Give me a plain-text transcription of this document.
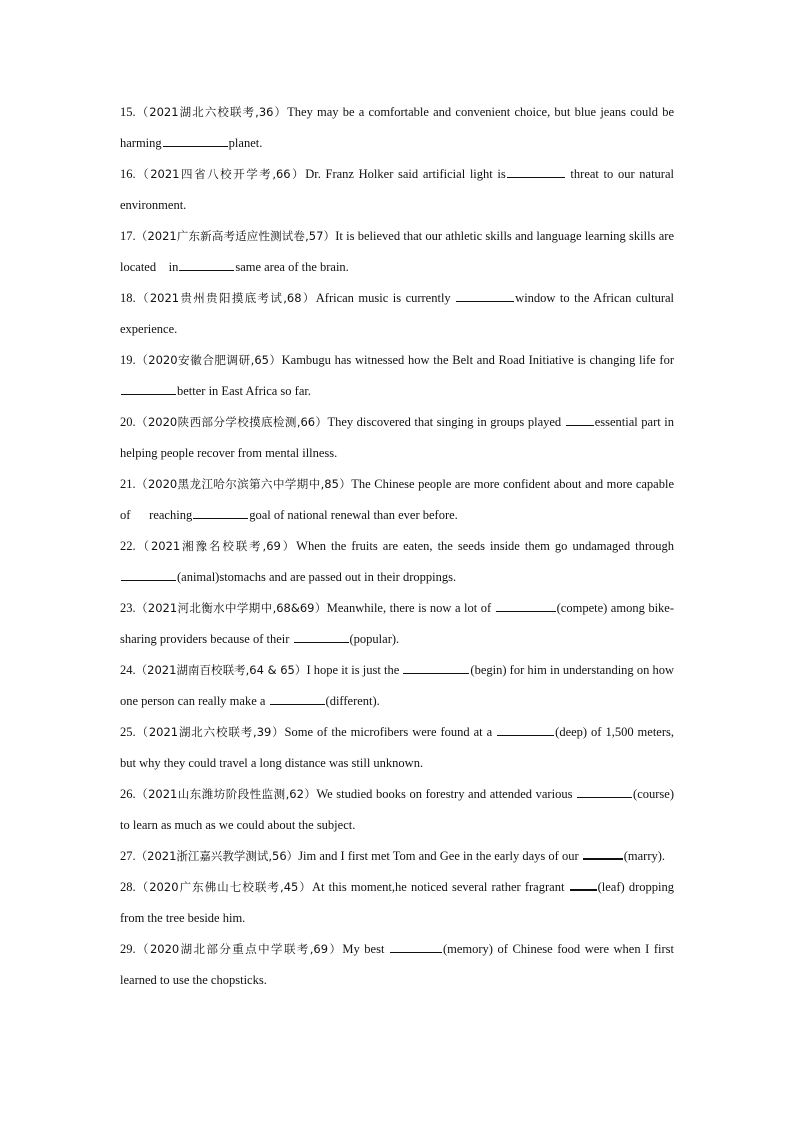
15.（2021湖北六校联考,36）They may be a comfortable and convenient choice, but blue jeans could be      harming	planet.
16.（2021四省八校开学考,66）Dr. Franz Holker said artificial light is	threat to our natural environment.
17.（2021广东新高考适应性测试卷,57）It is believed that our athletic skills and language learning skills are located    in	same area of the brain.
18.（2021贵州贵阳摸底考试,68）African music is currently	window to the African cultural experience.
19.（2020安徽合肥调研,65）Kambugu has witnessed how the Belt and Road Initiative is changing life for better in East Africa so far.
20.（2020陕西部分学校摸底检测,66）They discovered that singing in groups played essential part in helping people recover from mental illness.
21.（2020黑龙江哈尔滨第六中学期中,85）The Chinese people are more confident about and more capable of      reaching	goal of national renewal than ever before.
22.（2021湘豫名校联考,69）When the fruits are eaten, the seeds inside them go undamaged through(animal)stomachs and are passed out in their droppings.
23.（2021河北衡水中学期中,68&69）Meanwhile, there is now a lot of	(compete) among bike-sharing providers because of their	(popular).
24.（2021湖南百校联考,64 & 65）I hope it is just the	(begin) for him in understanding on how one person can really make a	(different).
25.（2021湖北六校联考,39）Some of the microfibers were found at a	(deep) of 1,500 meters, but why they could travel a long distance was still unknown.
26.（2021山东潍坊阶段性监测,62）We studied books on forestry and attended various	(course) to learn as much as we could about the subject.
27.（2021浙江嘉兴教学测试,56）Jim and I first met Tom and Gee in the early days of our	(marry).
28.（2020广东佛山七校联考,45）At this moment,he noticed several rather fragrant (leaf) dropping from the tree beside him.
29.（2020湖北部分重点中学联考,69）My best	(memory) of Chinese food were when I first learned to use the chopsticks.
